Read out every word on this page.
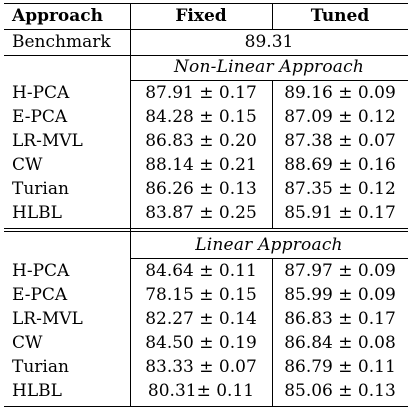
Approach	Fixed	Tuned
Benchmark	89.31
Non-Linear Approach
H-PCA	87.91 ± 0.17	89.16 ± 0.09
E-PCA	84.28 ± 0.15	87.09 ± 0.12
LR-MVL	86.83 ± 0.20	87.38 ± 0.07
CW	88.14 ± 0.21	88.69 ± 0.16
Turian	86.26 ± 0.13	87.35 ± 0.12
HLBL	83.87 ± 0.25	85.91 ± 0.17
Linear Approach
H-PCA	84.64 ± 0.11	87.97 ± 0.09
E-PCA	78.15 ± 0.15	85.99 ± 0.09
LR-MVL	82.27 ± 0.14	86.83 ± 0.17
CW	84.50 ± 0.19	86.84 ± 0.08
Turian	83.33 ± 0.07	86.79 ± 0.11
HLBL	80.31± 0.11	85.06 ± 0.13
